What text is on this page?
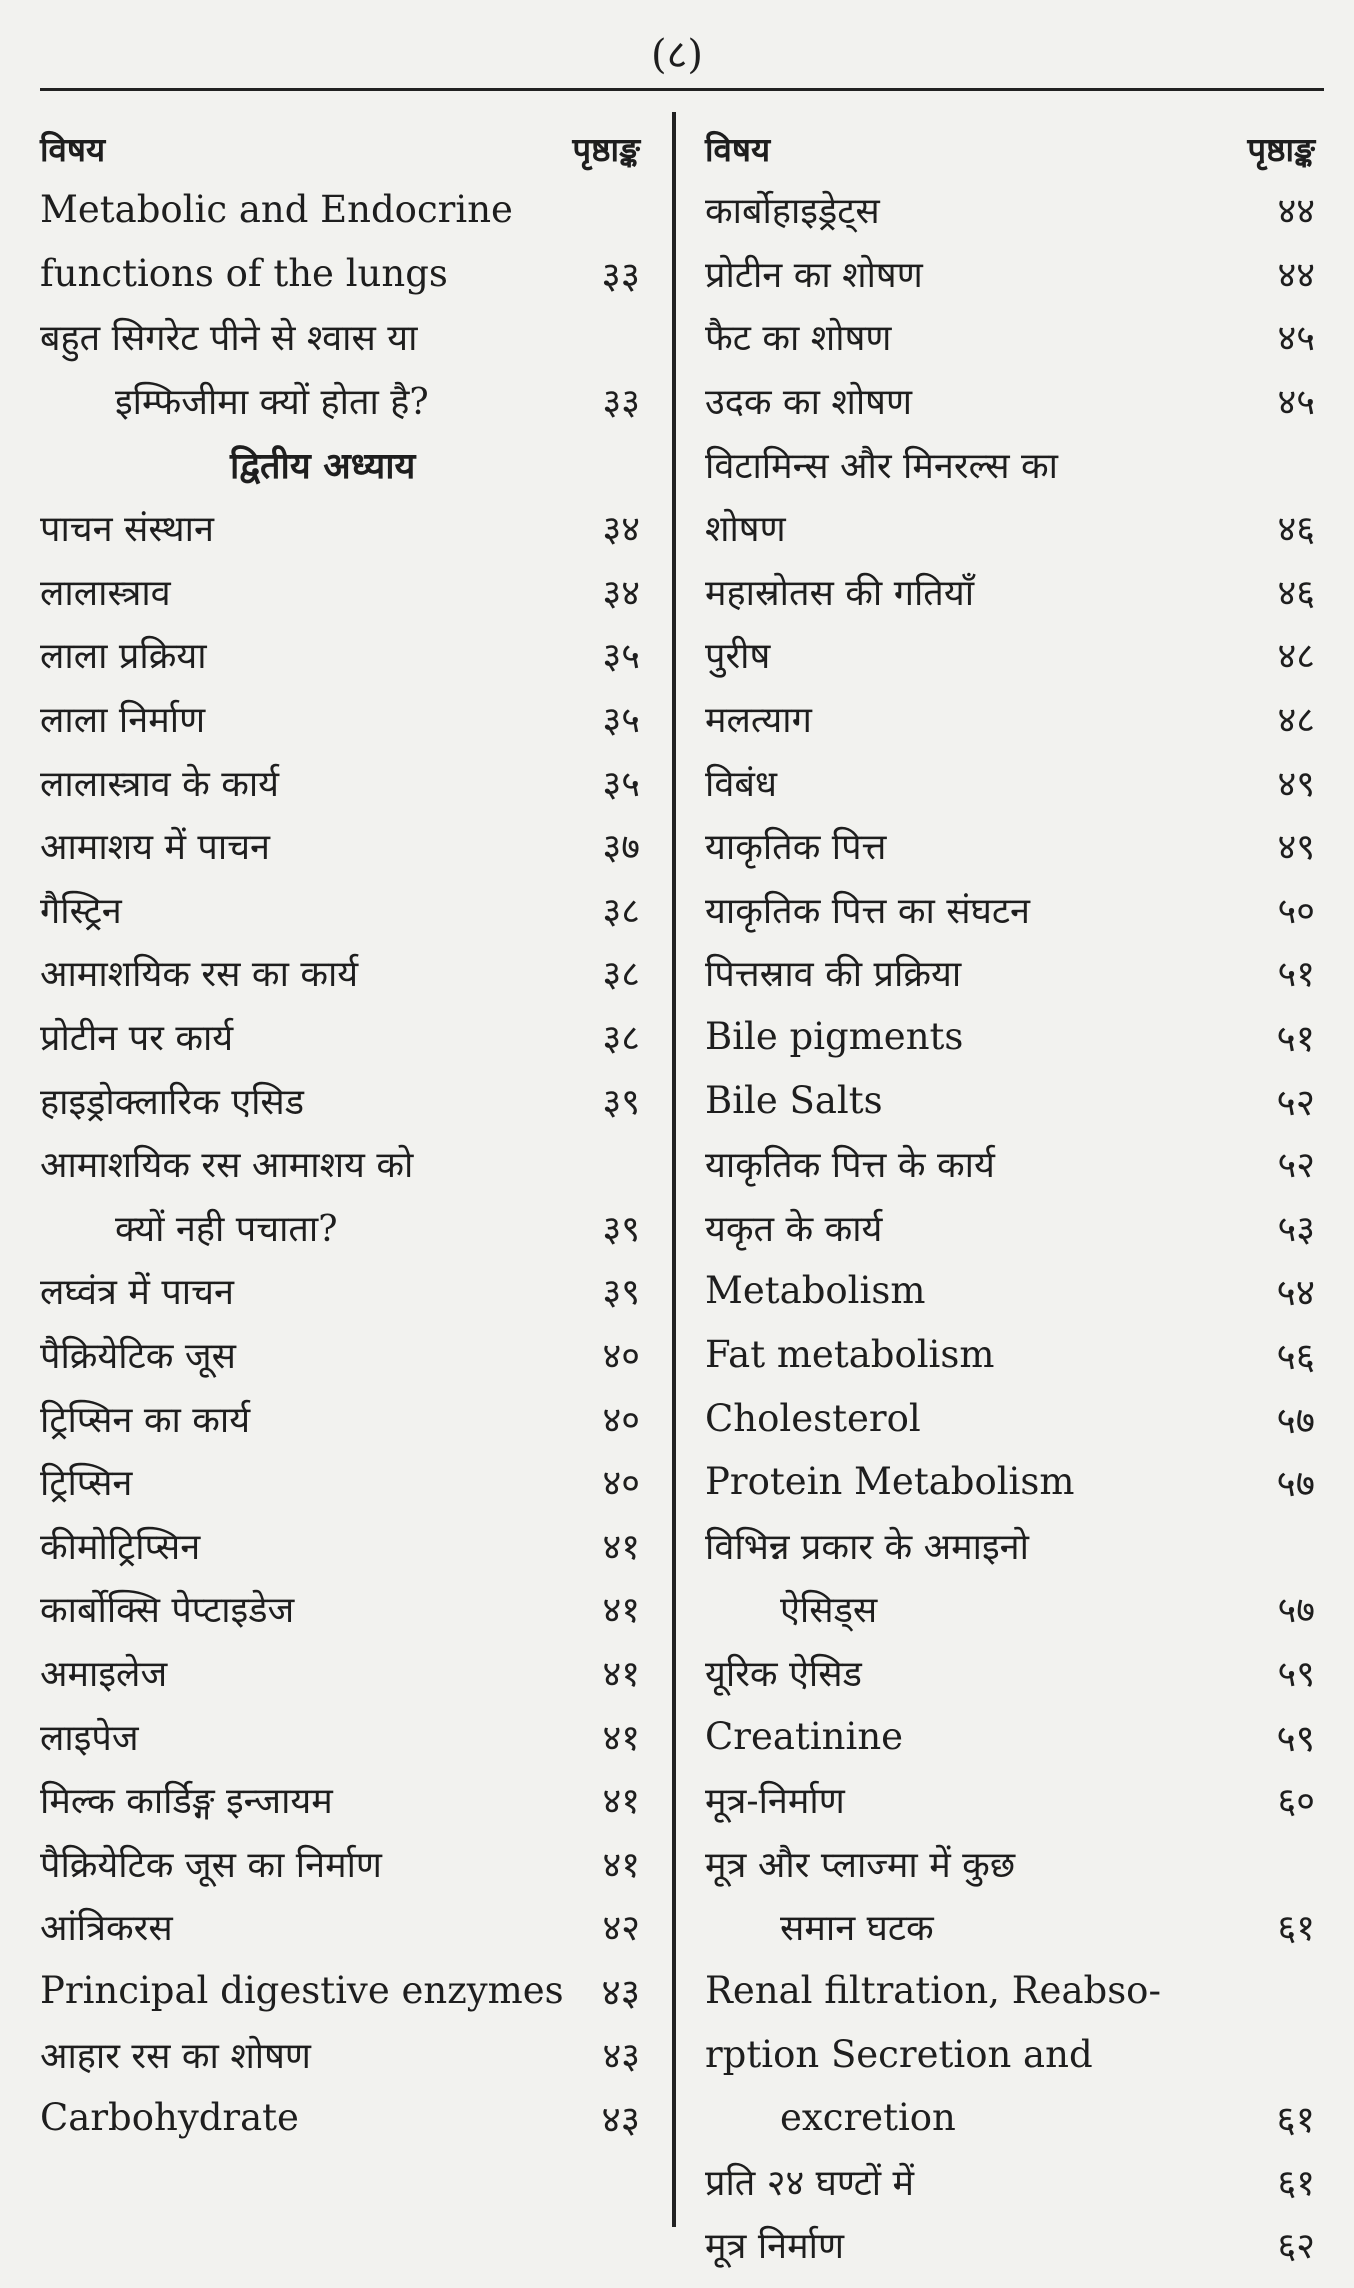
(८)
विषय	पृष्ठाङ्क
Metabolic and Endocrine
functions of the lungs	३३
बहुत सिगरेट पीने से श्वास या
इम्फिजीमा क्यों होता है?	३३
द्वितीय अध्याय
पाचन संस्थान	३४
लालास्त्राव	३४
लाला प्रक्रिया	३५
लाला निर्माण	३५
लालास्त्राव के कार्य	३५
आमाशय में पाचन	३७
गैस्ट्रिन	३८
आमाशयिक रस का कार्य	३८
प्रोटीन पर कार्य	३८
हाइड्रोक्लारिक एसिड	३९
आमाशयिक रस आमाशय को
क्यों नही पचाता?	३९
लघ्वंत्र में पाचन	३९
पैक्रियेटिक जूस	४०
ट्रिप्सिन का कार्य	४०
ट्रिप्सिन	४०
कीमोट्रिप्सिन	४१
कार्बोक्सि पेप्टाइडेज	४१
अमाइलेज	४१
लाइपेज	४१
मिल्क कार्डिङ्ग इन्जायम	४१
पैक्रियेटिक जूस का निर्माण	४१
आंत्रिकरस	४२
Principal digestive enzymes	४३
आहार रस का शोषण	४३
Carbohydrate	४३
विषय	पृष्ठाङ्क
कार्बोहाइड्रेट्स	४४
प्रोटीन का शोषण	४४
फैट का शोषण	४५
उदक का शोषण	४५
विटामिन्स और मिनरल्स का
शोषण	४६
महास्रोतस की गतियाँ	४६
पुरीष	४८
मलत्याग	४८
विबंध	४९
याकृतिक पित्त	४९
याकृतिक पित्त का संघटन	५०
पित्तस्राव की प्रक्रिया	५१
Bile pigments	५१
Bile Salts	५२
याकृतिक पित्त के कार्य	५२
यकृत के कार्य	५३
Metabolism	५४
Fat metabolism	५६
Cholesterol	५७
Protein Metabolism	५७
विभिन्न प्रकार के अमाइनो
ऐसिड्स	५७
यूरिक ऐसिड	५९
Creatinine	५९
मूत्र-निर्माण	६०
मूत्र और प्लाज्मा में कुछ
समान घटक	६१
Renal filtration, Reabso-
rption Secretion and
excretion	६१
प्रति २४ घण्टों में	६१
मूत्र निर्माण	६२
